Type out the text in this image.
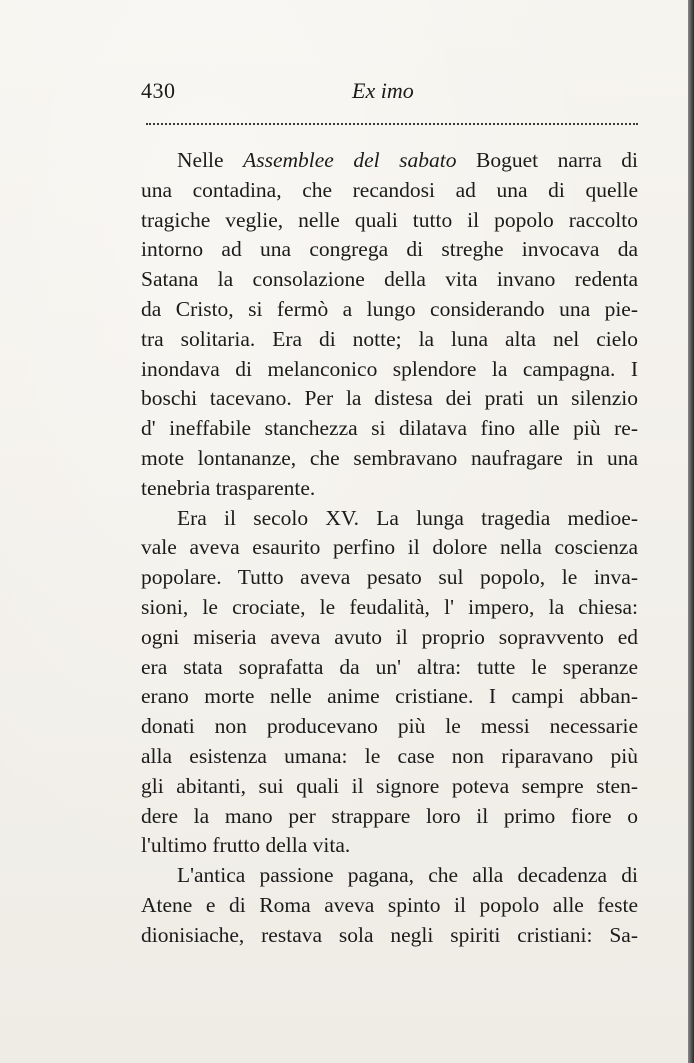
430	Ex imo
Nelle Assemblee del sabato Boguet narra di
una contadina, che recandosi ad una di quelle
tragiche veglie, nelle quali tutto il popolo raccolto
intorno ad una congrega di streghe invocava da
Satana la consolazione della vita invano redenta
da Cristo, si fermò a lungo considerando una pie-
tra solitaria. Era di notte; la luna alta nel cielo
inondava di melanconico splendore la campagna. I
boschi tacevano. Per la distesa dei prati un silenzio
d' ineffabile stanchezza si dilatava fino alle più re-
mote lontananze, che sembravano naufragare in una
tenebria trasparente.
Era il secolo XV. La lunga tragedia medioe-
vale aveva esaurito perfino il dolore nella coscienza
popolare. Tutto aveva pesato sul popolo, le inva-
sioni, le crociate, le feudalità, l' impero, la chiesa:
ogni miseria aveva avuto il proprio sopravvento ed
era stata soprafatta da un' altra: tutte le speranze
erano morte nelle anime cristiane. I campi abban-
donati non producevano più le messi necessarie
alla esistenza umana: le case non riparavano più
gli abitanti, sui quali il signore poteva sempre sten-
dere la mano per strappare loro il primo fiore o
l'ultimo frutto della vita.
L'antica passione pagana, che alla decadenza di
Atene e di Roma aveva spinto il popolo alle feste
dionisiache, restava sola negli spiriti cristiani: Sa-
